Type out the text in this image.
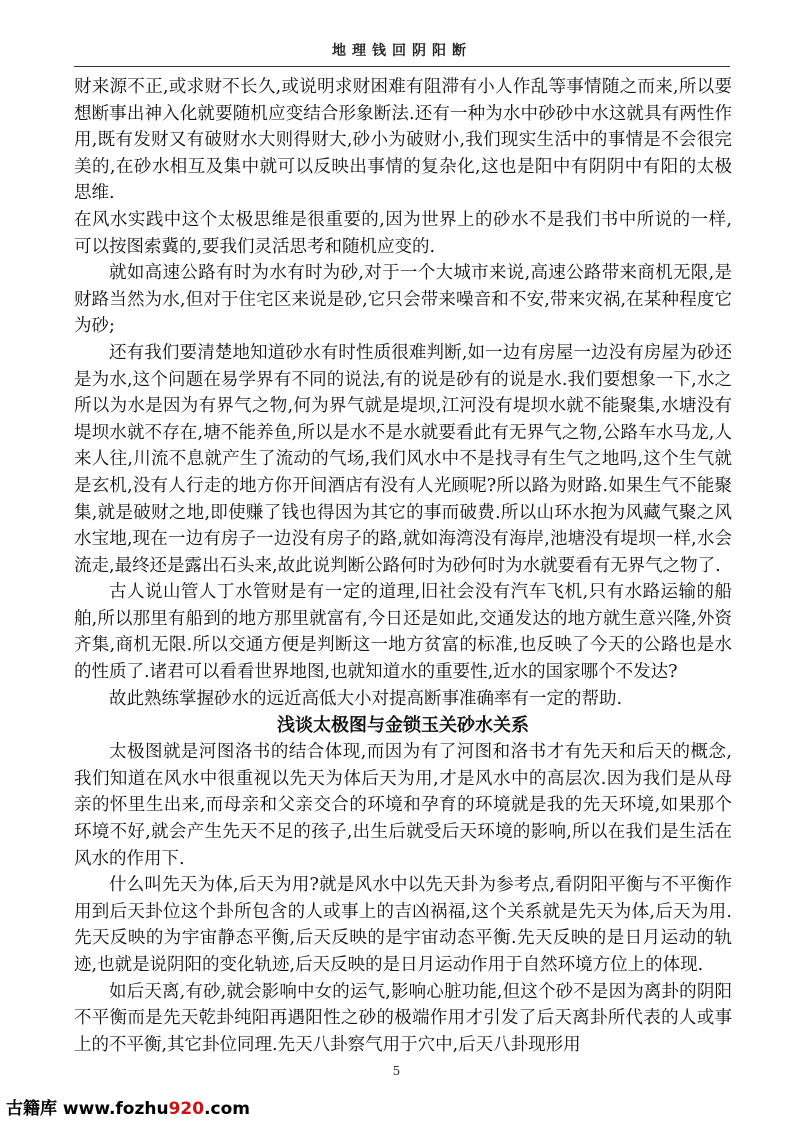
地理钱回阴阳断

财来源不正,或求财不长久,或说明求财困难有阻滞有小人作乱等事情随之而来,所以要想断事出神入化就要随机应变结合形象断法.还有一种为水中砂砂中水这就具有两性作用,既有发财又有破财水大则得财大,砂小为破财小,我们现实生活中的事情是不会很完美的,在砂水相互及集中就可以反映出事情的复杂化,这也是阳中有阴阴中有阳的太极思维.

在风水实践中这个太极思维是很重要的,因为世界上的砂水不是我们书中所说的一样,可以按图索冀的,要我们灵活思考和随机应变的.

就如高速公路有时为水有时为砂,对于一个大城市来说,高速公路带来商机无限,是财路当然为水,但对于住宅区来说是砂,它只会带来噪音和不安,带来灾祸,在某种程度它为砂;

还有我们要清楚地知道砂水有时性质很难判断,如一边有房屋一边没有房屋为砂还是为水,这个问题在易学界有不同的说法,有的说是砂有的说是水.我们要想象一下,水之所以为水是因为有界气之物,何为界气就是堤坝,江河没有堤坝水就不能聚集,水塘没有堤坝水就不存在,塘不能养鱼,所以是水不是水就要看此有无界气之物,公路车水马龙,人来人往,川流不息就产生了流动的气场,我们风水中不是找寻有生气之地吗,这个生气就是玄机,没有人行走的地方你开间酒店有没有人光顾呢?所以路为财路.如果生气不能聚集,就是破财之地,即使赚了钱也得因为其它的事而破费.所以山环水抱为风藏气聚之风水宝地,现在一边有房子一边没有房子的路,就如海湾没有海岸,池塘没有堤坝一样,水会流走,最终还是露出石头来,故此说判断公路何时为砂何时为水就要看有无界气之物了.

古人说山管人丁水管财是有一定的道理,旧社会没有汽车飞机,只有水路运输的船舶,所以那里有船到的地方那里就富有,今日还是如此,交通发达的地方就生意兴隆,外资齐集,商机无限.所以交通方便是判断这一地方贫富的标准,也反映了今天的公路也是水的性质了.诸君可以看看世界地图,也就知道水的重要性,近水的国家哪个不发达?

故此熟练掌握砂水的远近高低大小对提高断事准确率有一定的帮助.

浅谈太极图与金锁玉关砂水关系

太极图就是河图洛书的结合体现,而因为有了河图和洛书才有先天和后天的概念,我们知道在风水中很重视以先天为体后天为用,才是风水中的高层次.因为我们是从母亲的怀里生出来,而母亲和父亲交合的环境和孕育的环境就是我的先天环境,如果那个环境不好,就会产生先天不足的孩子,出生后就受后天环境的影响,所以在我们是生活在风水的作用下.

什么叫先天为体,后天为用?就是风水中以先天卦为参考点,看阴阳平衡与不平衡作用到后天卦位这个卦所包含的人或事上的吉凶祸福,这个关系就是先天为体,后天为用.先天反映的为宇宙静态平衡,后天反映的是宇宙动态平衡.先天反映的是日月运动的轨迹,也就是说阴阳的变化轨迹,后天反映的是日月运动作用于自然环境方位上的体现.

如后天离,有砂,就会影响中女的运气,影响心脏功能,但这个砂不是因为离卦的阴阳不平衡而是先天乾卦纯阳再遇阳性之砂的极端作用才引发了后天离卦所代表的人或事上的不平衡,其它卦位同理.先天八卦察气用于穴中,后天八卦现形用

5
古籍库 www.fozhu920.com
